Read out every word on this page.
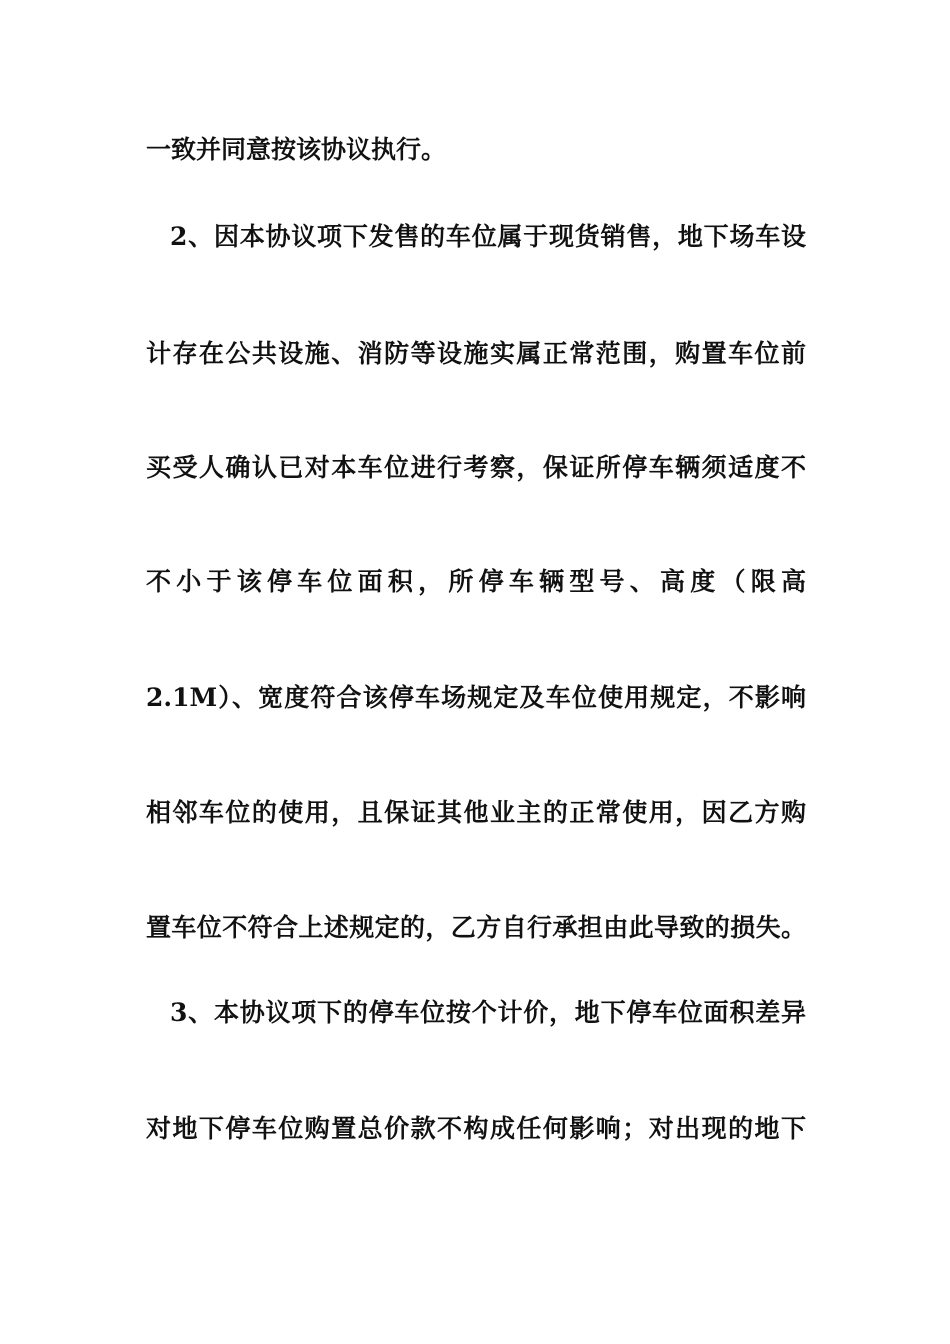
一致并同意按该协议执行。
2、因本协议项下发售的车位属于现货销售，地下场车设
计存在公共设施、消防等设施实属正常范围，购置车位前
买受人确认已对本车位进行考察，保证所停车辆须适度不
不小于该停车位面积，所停车辆型号、高度（限高
2.1M）、宽度符合该停车场规定及车位使用规定，不影响
相邻车位的使用，且保证其他业主的正常使用，因乙方购
置车位不符合上述规定的，乙方自行承担由此导致的损失。
3、本协议项下的停车位按个计价，地下停车位面积差异
对地下停车位购置总价款不构成任何影响；对出现的地下
